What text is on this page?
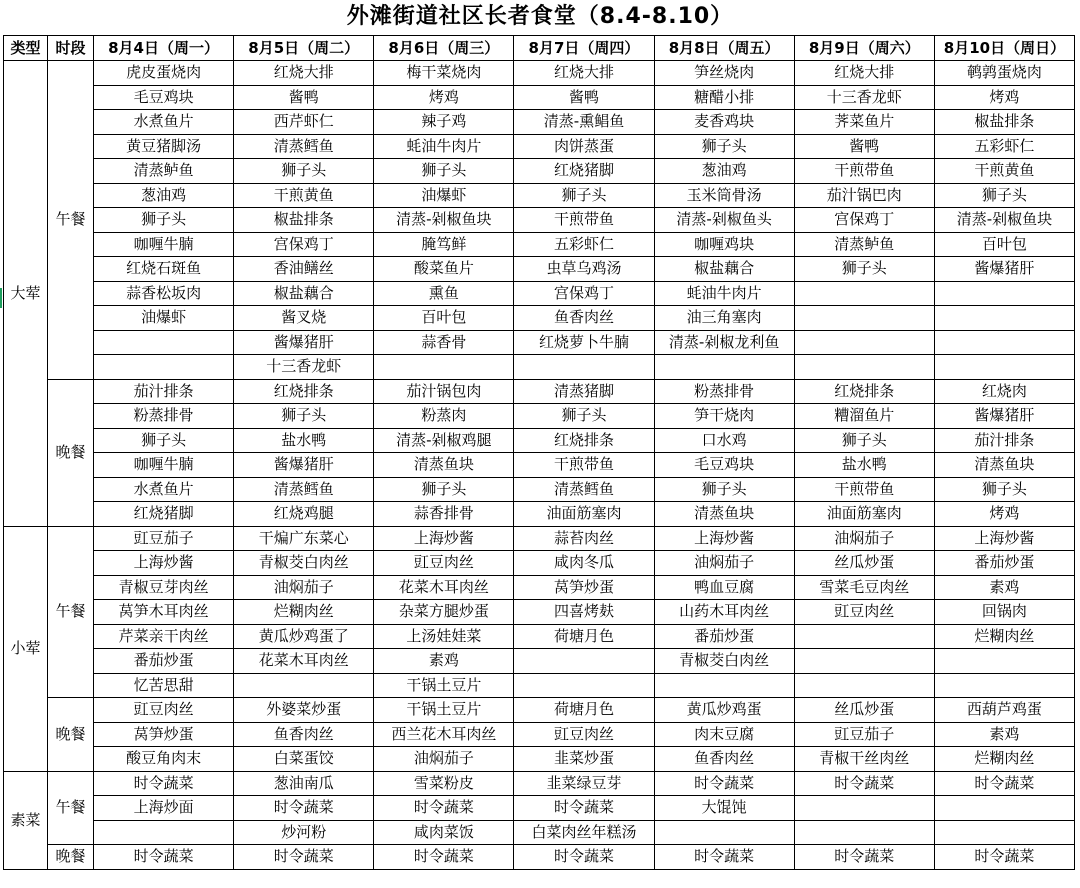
外滩街道社区长者食堂（8.4-8.10）
类型	时段	8月4日（周一）	8月5日（周二）	8月6日（周三）	8月7日（周四）	8月8日（周五）	8月9日（周六）	8月10日（周日）
大荤	午餐	虎皮蛋烧肉	红烧大排	梅干菜烧肉	红烧大排	笋丝烧肉	红烧大排	鹌鹑蛋烧肉
		毛豆鸡块	酱鸭	烤鸡	酱鸭	糖醋小排	十三香龙虾	烤鸡
		水煮鱼片	西芹虾仁	辣子鸡	清蒸-熏鲳鱼	麦香鸡块	荠菜鱼片	椒盐排条
		黄豆猪脚汤	清蒸鳕鱼	蚝油牛肉片	肉饼蒸蛋	狮子头	酱鸭	五彩虾仁
		清蒸鲈鱼	狮子头	狮子头	红烧猪脚	葱油鸡	干煎带鱼	干煎黄鱼
		葱油鸡	干煎黄鱼	油爆虾	狮子头	玉米筒骨汤	茄汁锅巴肉	狮子头
		狮子头	椒盐排条	清蒸-剁椒鱼块	干煎带鱼	清蒸-剁椒鱼头	宫保鸡丁	清蒸-剁椒鱼块
		咖喱牛腩	宫保鸡丁	腌笃鲜	五彩虾仁	咖喱鸡块	清蒸鲈鱼	百叶包
		红烧石斑鱼	香油鳝丝	酸菜鱼片	虫草乌鸡汤	椒盐藕合	狮子头	酱爆猪肝
		蒜香松坂肉	椒盐藕合	熏鱼	宫保鸡丁	蚝油牛肉片		
		油爆虾	酱叉烧	百叶包	鱼香肉丝	油三角塞肉		
			酱爆猪肝	蒜香骨	红烧萝卜牛腩	清蒸-剁椒龙利鱼		
			十三香龙虾					
	晚餐	茄汁排条	红烧排条	茄汁锅包肉	清蒸猪脚	粉蒸排骨	红烧排条	红烧肉
		粉蒸排骨	狮子头	粉蒸肉	狮子头	笋干烧肉	糟溜鱼片	酱爆猪肝
		狮子头	盐水鸭	清蒸-剁椒鸡腿	红烧排条	口水鸡	狮子头	茄汁排条
		咖喱牛腩	酱爆猪肝	清蒸鱼块	干煎带鱼	毛豆鸡块	盐水鸭	清蒸鱼块
		水煮鱼片	清蒸鳕鱼	狮子头	清蒸鳕鱼	狮子头	干煎带鱼	狮子头
		红烧猪脚	红烧鸡腿	蒜香排骨	油面筋塞肉	清蒸鱼块	油面筋塞肉	烤鸡
小荤	午餐	豇豆茄子	干煸广东菜心	上海炒酱	蒜苔肉丝	上海炒酱	油焖茄子	上海炒酱
		上海炒酱	青椒茭白肉丝	豇豆肉丝	咸肉冬瓜	油焖茄子	丝瓜炒蛋	番茄炒蛋
		青椒豆芽肉丝	油焖茄子	花菜木耳肉丝	莴笋炒蛋	鸭血豆腐	雪菜毛豆肉丝	素鸡
		莴笋木耳肉丝	烂糊肉丝	杂菜方腿炒蛋	四喜烤麸	山药木耳肉丝	豇豆肉丝	回锅肉
		芹菜亲干肉丝	黄瓜炒鸡蛋了	上汤娃娃菜	荷塘月色	番茄炒蛋		烂糊肉丝
		番茄炒蛋	花菜木耳肉丝	素鸡		青椒茭白肉丝		
		忆苦思甜		干锅土豆片				
	晚餐	豇豆肉丝	外婆菜炒蛋	干锅土豆片	荷塘月色	黄瓜炒鸡蛋	丝瓜炒蛋	西葫芦鸡蛋
		莴笋炒蛋	鱼香肉丝	西兰花木耳肉丝	豇豆肉丝	肉末豆腐	豇豆茄子	素鸡
		酸豆角肉末	白菜蛋饺	油焖茄子	韭菜炒蛋	鱼香肉丝	青椒干丝肉丝	烂糊肉丝
素菜	午餐	时令蔬菜	葱油南瓜	雪菜粉皮	韭菜绿豆芽	时令蔬菜	时令蔬菜	时令蔬菜
		上海炒面	时令蔬菜	时令蔬菜	时令蔬菜	大馄饨		
			炒河粉	咸肉菜饭	白菜肉丝年糕汤			
	晚餐	时令蔬菜	时令蔬菜	时令蔬菜	时令蔬菜	时令蔬菜	时令蔬菜	时令蔬菜
